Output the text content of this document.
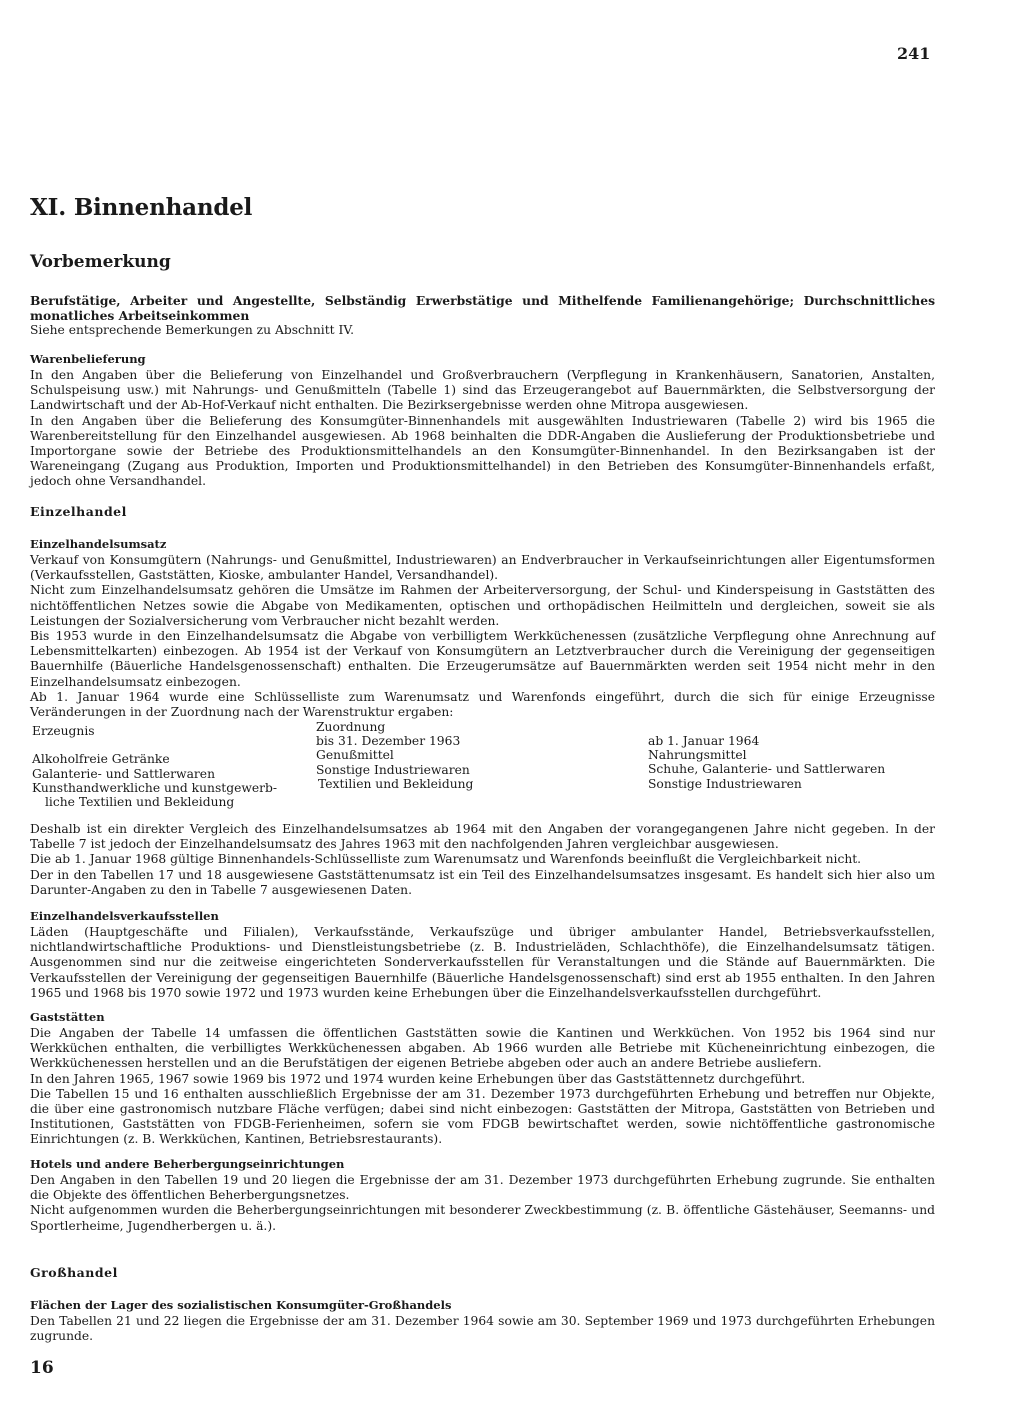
241
XI. Binnenhandel
Vorbemerkung

Berufstätige, Arbeiter und Angestellte, Selbständig Erwerbstätige und Mithelfende Familienangehörige; Durchschnittliches monatliches Arbeitseinkommen

Siehe entsprechende Bemerkungen zu Abschnitt IV.

Warenbelieferung

In den Angaben über die Belieferung von Einzelhandel und Großverbrauchern (Verpflegung in Krankenhäusern, Sanatorien, Anstalten, Schulspeisung usw.) mit Nahrungs- und Genußmitteln (Tabelle 1) sind das Erzeugerangebot auf Bauernmärkten, die Selbstversorgung der Landwirtschaft und der Ab-Hof-Verkauf nicht enthalten. Die Bezirksergebnisse werden ohne Mitropa ausgewiesen.

In den Angaben über die Belieferung des Konsumgüter-Binnenhandels mit ausgewählten Industriewaren (Tabelle 2) wird bis 1965 die Warenbereitstellung für den Einzelhandel ausgewiesen. Ab 1968 beinhalten die DDR-Angaben die Auslieferung der Produktionsbetriebe und Importorgane sowie der Betriebe des Produktionsmittelhandels an den Konsumgüter-Binnenhandel. In den Bezirksangaben ist der Wareneingang (Zugang aus Produktion, Importen und Produktionsmittelhandel) in den Betrieben des Konsumgüter-Binnenhandels erfaßt, jedoch ohne Versandhandel.

Einzelhandel
Einzelhandelsumsatz

Verkauf von Konsumgütern (Nahrungs- und Genußmittel, Industriewaren) an Endverbraucher in Verkaufseinrichtungen aller Eigentumsformen (Verkaufsstellen, Gaststätten, Kioske, ambulanter Handel, Versandhandel).

Nicht zum Einzelhandelsumsatz gehören die Umsätze im Rahmen der Arbeiterversorgung, der Schul- und Kinderspeisung in Gaststätten des nichtöffentlichen Netzes sowie die Abgabe von Medikamenten, optischen und orthopädischen Heilmitteln und dergleichen, soweit sie als Leistungen der Sozialversicherung vom Verbraucher nicht bezahlt werden.

Bis 1953 wurde in den Einzelhandelsumsatz die Abgabe von verbilligtem Werkküchenessen (zusätzliche Verpflegung ohne Anrechnung auf Lebensmittelkarten) einbezogen. Ab 1954 ist der Verkauf von Konsumgütern an Letztverbraucher durch die Vereinigung der gegenseitigen Bauernhilfe (Bäuerliche Handelsgenossenschaft) enthalten. Die Erzeugerumsätze auf Bauernmärkten werden seit 1954 nicht mehr in den Einzelhandelsumsatz einbezogen.

Ab 1. Januar 1964 wurde eine Schlüsselliste zum Warenumsatz und Warenfonds eingeführt, durch die sich für einige Erzeugnisse Veränderungen in der Zuordnung nach der Warenstruktur ergaben:

Erzeugnis
Alkoholfreie Getränke
Galanterie- und Sattlerwaren
Kunsthandwerkliche und kunstgewerb-
liche Textilien und Bekleidung
Zuordnung
bis 31. Dezember 1963
Genußmittel
Sonstige Industriewaren
Textilien und Bekleidung
ab 1. Januar 1964
Nahrungsmittel
Schuhe, Galanterie- und Sattlerwaren
Sonstige Industriewaren

Deshalb ist ein direkter Vergleich des Einzelhandelsumsatzes ab 1964 mit den Angaben der vorangegangenen Jahre nicht gegeben. In der Tabelle 7 ist jedoch der Einzelhandelsumsatz des Jahres 1963 mit den nachfolgenden Jahren vergleichbar ausgewiesen.

Die ab 1. Januar 1968 gültige Binnenhandels-Schlüsselliste zum Warenumsatz und Warenfonds beeinflußt die Vergleichbarkeit nicht.

Der in den Tabellen 17 und 18 ausgewiesene Gaststättenumsatz ist ein Teil des Einzelhandelsumsatzes insgesamt. Es handelt sich hier also um Darunter-Angaben zu den in Tabelle 7 ausgewiesenen Daten.

Einzelhandelsverkaufsstellen

Läden (Hauptgeschäfte und Filialen), Verkaufsstände, Verkaufszüge und übriger ambulanter Handel, Betriebsverkaufsstellen, nichtlandwirtschaftliche Produktions- und Dienstleistungsbetriebe (z. B. Industrieläden, Schlachthöfe), die Einzelhandelsumsatz tätigen. Ausgenommen sind nur die zeitweise eingerichteten Sonderverkaufsstellen für Veranstaltungen und die Stände auf Bauernmärkten. Die Verkaufsstellen der Vereinigung der gegenseitigen Bauernhilfe (Bäuerliche Handelsgenossenschaft) sind erst ab 1955 enthalten. In den Jahren 1965 und 1968 bis 1970 sowie 1972 und 1973 wurden keine Erhebungen über die Einzelhandelsverkaufsstellen durchgeführt.

Gaststätten

Die Angaben der Tabelle 14 umfassen die öffentlichen Gaststätten sowie die Kantinen und Werkküchen. Von 1952 bis 1964 sind nur Werkküchen enthalten, die verbilligtes Werkküchenessen abgaben. Ab 1966 wurden alle Betriebe mit Kücheneinrichtung einbezogen, die Werkküchenessen herstellen und an die Berufstätigen der eigenen Betriebe abgeben oder auch an andere Betriebe ausliefern.

In den Jahren 1965, 1967 sowie 1969 bis 1972 und 1974 wurden keine Erhebungen über das Gaststättennetz durchgeführt.

Die Tabellen 15 und 16 enthalten ausschließlich Ergebnisse der am 31. Dezember 1973 durchgeführten Erhebung und betreffen nur Objekte, die über eine gastronomisch nutzbare Fläche verfügen; dabei sind nicht einbezogen: Gaststätten der Mitropa, Gaststätten von Betrieben und Institutionen, Gaststätten von FDGB-Ferienheimen, sofern sie vom FDGB bewirtschaftet werden, sowie nichtöffentliche gastronomische Einrichtungen (z. B. Werkküchen, Kantinen, Betriebsrestaurants).

Hotels und andere Beherbergungseinrichtungen

Den Angaben in den Tabellen 19 und 20 liegen die Ergebnisse der am 31. Dezember 1973 durchgeführten Erhebung zugrunde. Sie enthalten die Objekte des öffentlichen Beherbergungsnetzes.

Nicht aufgenommen wurden die Beherbergungseinrichtungen mit besonderer Zweckbestimmung (z. B. öffentliche Gästehäuser, Seemanns- und Sportlerheime, Jugendherbergen u. ä.).

Großhandel
Flächen der Lager des sozialistischen Konsumgüter-Großhandels

Den Tabellen 21 und 22 liegen die Ergebnisse der am 31. Dezember 1964 sowie am 30. September 1969 und 1973 durchgeführten Erhebungen zugrunde.

16
